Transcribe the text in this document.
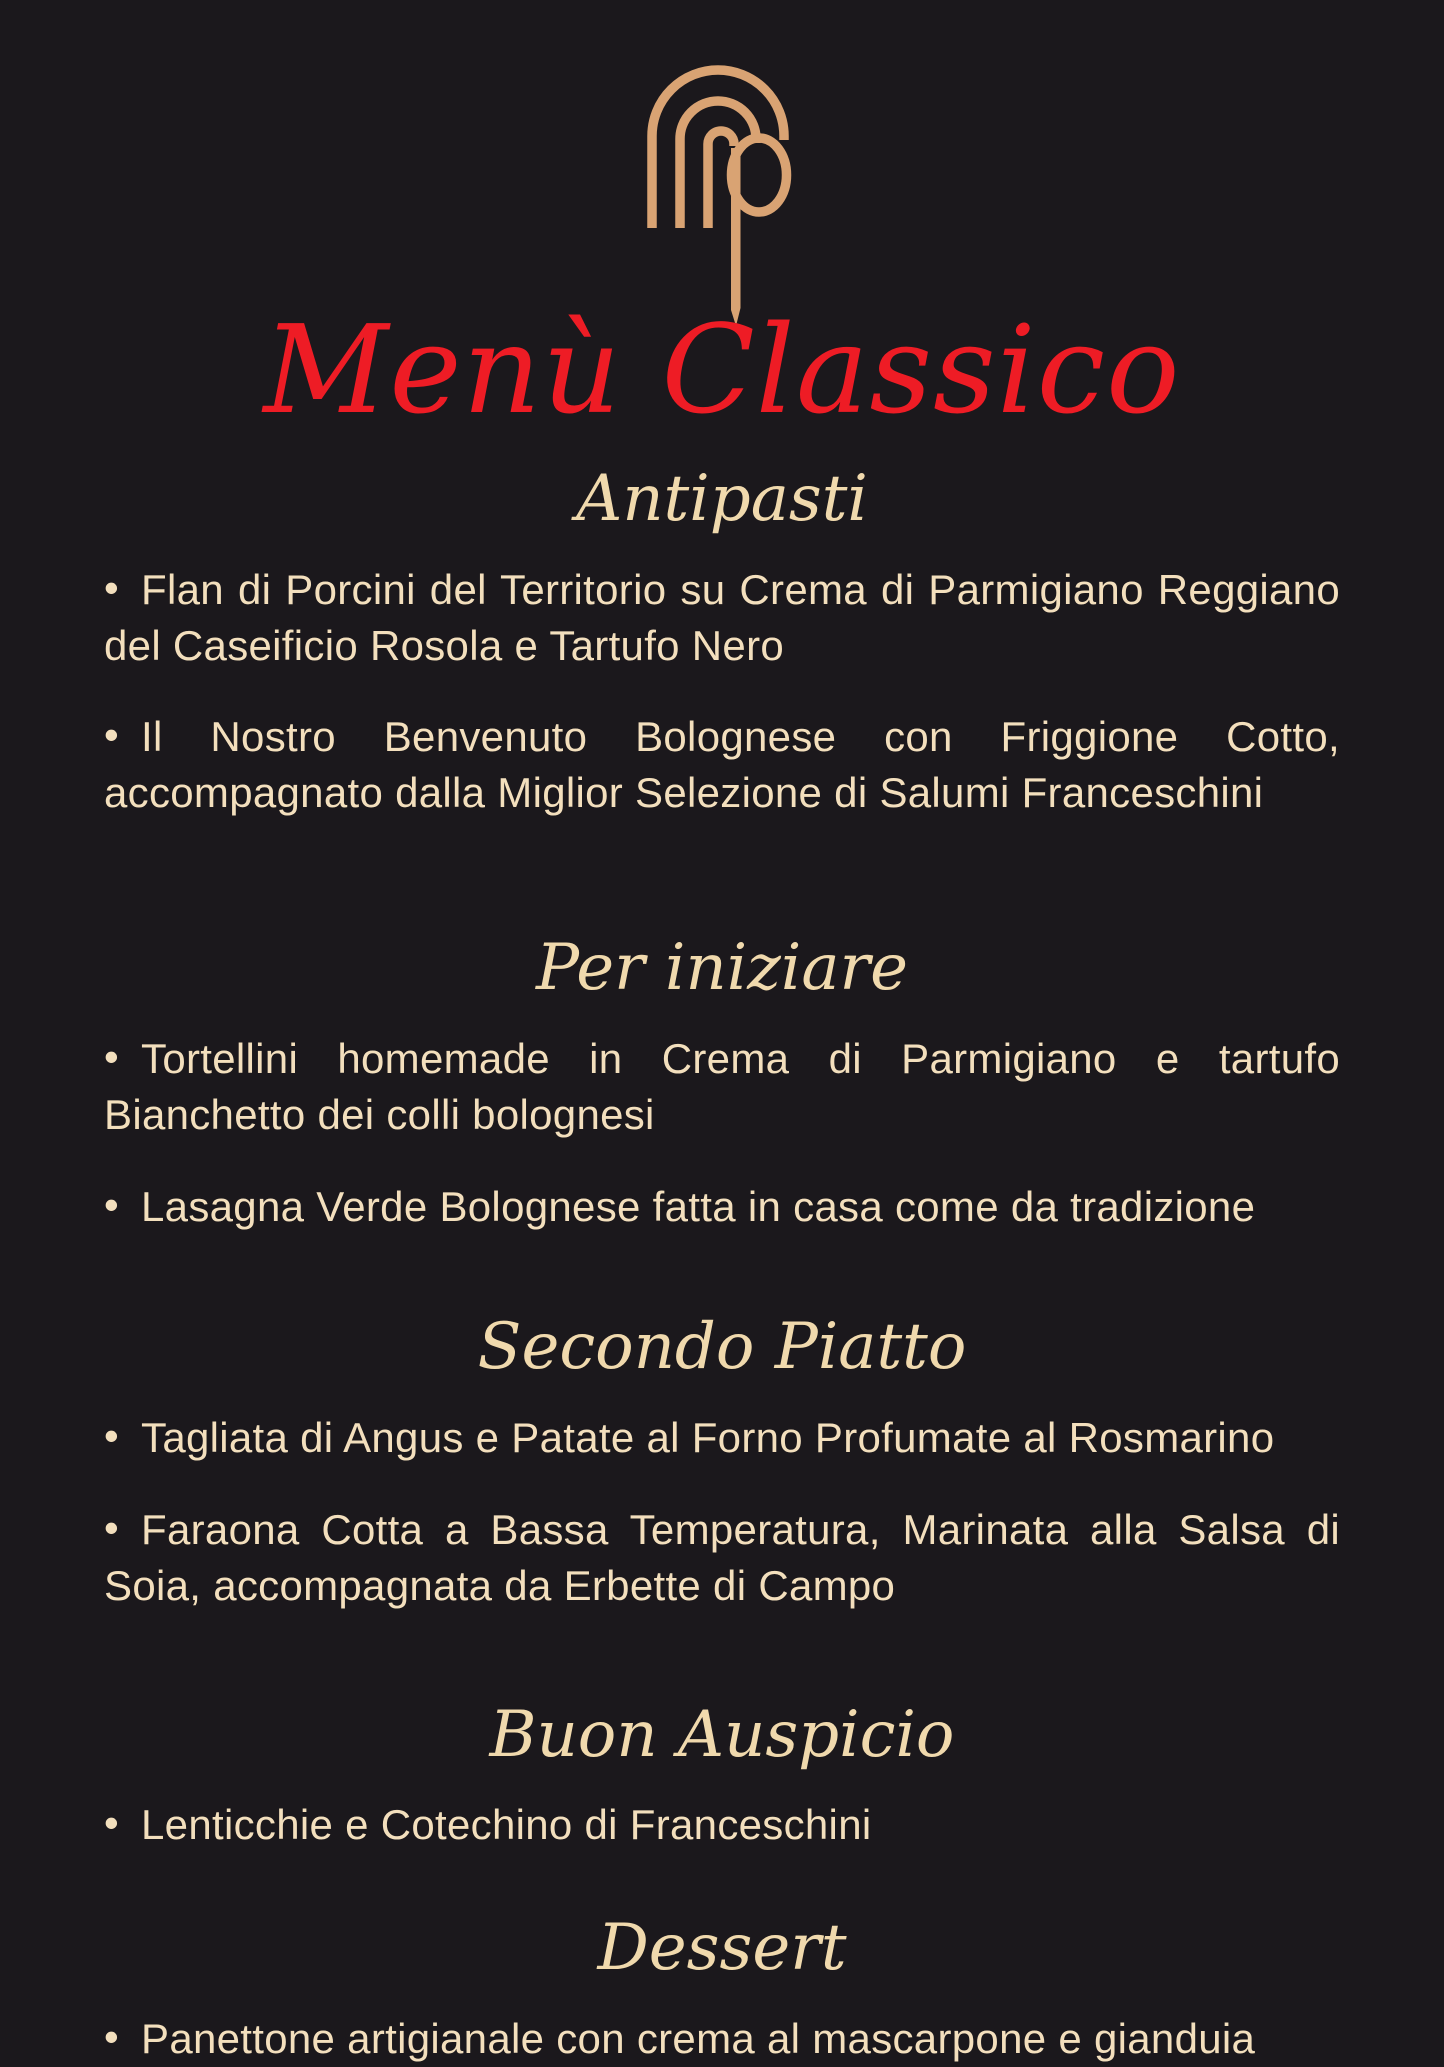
Menù Classico
Antipasti

• Flan di Porcini del Territorio su Crema di Parmigiano Reggiano del Caseificio Rosola e Tartufo Nero

• Il Nostro Benvenuto Bolognese con Friggione Cotto, accompagnato dalla Miglior Selezione di Salumi Franceschini

Per iniziare

• Tortellini homemade in Crema di Parmigiano e tartufo Bianchetto dei colli bolognesi

• Lasagna Verde Bolognese fatta in casa come da tradizione

Secondo Piatto

• Tagliata di Angus e Patate al Forno Profumate al Rosmarino

• Faraona Cotta a Bassa Temperatura, Marinata alla Salsa di Soia, accompagnata da Erbette di Campo

Buon Auspicio

• Lenticchie e Cotechino di Franceschini

Dessert

• Panettone artigianale con crema al mascarpone e gianduia
